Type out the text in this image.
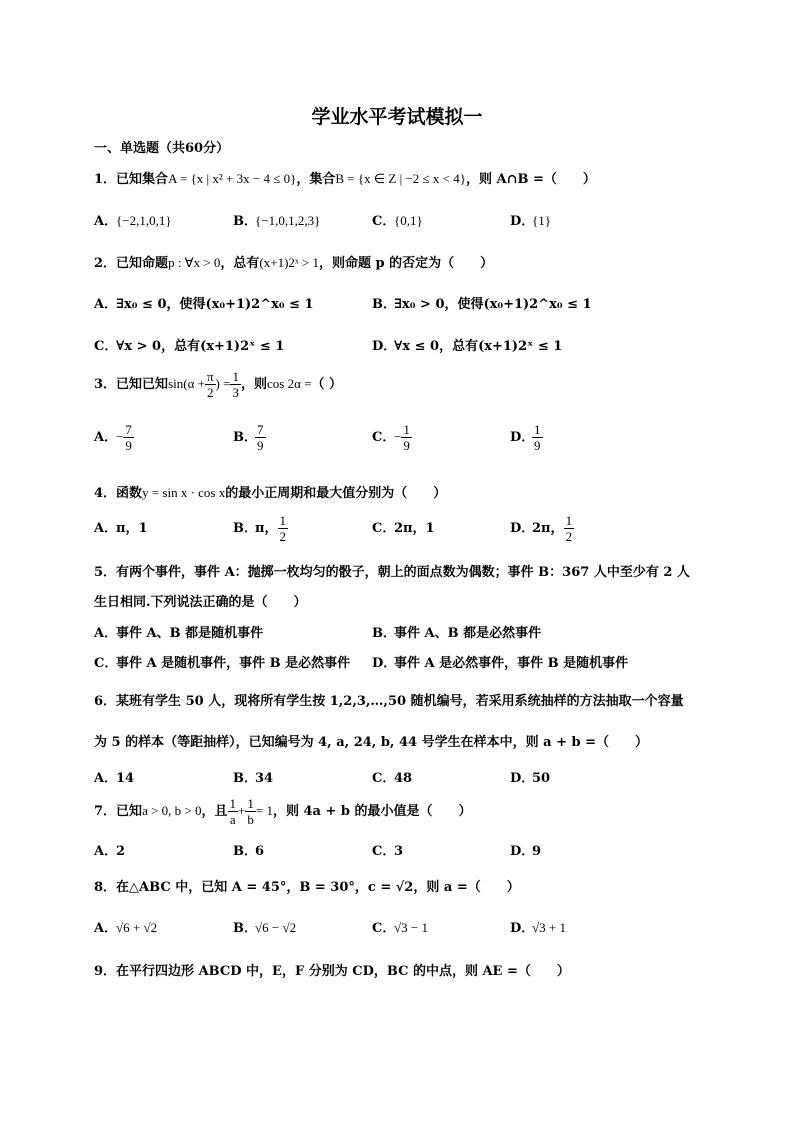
学业水平考试模拟一
一、单选题（共60分）
1．已知集合A = {x | x² + 3x − 4 ≤ 0}，集合B = {x ∈ Z | −2 ≤ x < 4}，则 A∩B =（　　）
A．{−2,1,0,1}	B．{−1,0,1,2,3}	C．{0,1}	D．{1}
2．已知命题p : ∀x > 0，总有(x+1)2ˣ > 1，则命题 p 的否定为（　　）
A．∃x₀ ≤ 0，使得(x₀+1)2^x₀ ≤ 1	B．∃x₀ > 0，使得(x₀+1)2^x₀ ≤ 1
C．∀x > 0，总有(x+1)2ˣ ≤ 1	D．∀x ≤ 0，总有(x+1)2ˣ ≤ 1
3．已知已知$\sin(\alpha + \frac{\pi}{2}$ ) = $\frac{1}{3}$ ，则cos 2α =（ ）
A．− $\frac{7}{9}$	B．
$\frac{7}{9}$	C．− $\frac{1}{9}$	D．
$\frac{1}{9}$
4．函数y = sin x · cos x的最小正周期和最大值分别为（　　）
A．π，1	B．π， $\frac{1}{2}$	C．2π，1	D．2π， $\frac{1}{2}$
5．有两个事件，事件 A：抛掷一枚均匀的骰子，朝上的面点数为偶数；事件 B：367 人中至少有 2 人
生日相同.下列说法正确的是（　　）
A．事件 A、B 都是随机事件	B．事件 A、B 都是必然事件
C．事件 A 是随机事件，事件 B 是必然事件 D．事件 A 是必然事件，事件 B 是随机事件
6．某班有学生 50 人，现将所有学生按 1,2,3,…,50 随机编号，若采用系统抽样的方法抽取一个容量
为 5 的样本（等距抽样），已知编号为 4, a, 24, b, 44 号学生在样本中，则 a + b =（　　）
A．14	B．34	C．48	D．50
7．已知a > 0, b > 0，且 $\frac{1}{a} + \frac{1}{b} = 1$，则 4a + b 的最小值是（　　）
A．2	B．6	C．3	D．9
8．在△ABC 中，已知 A = 45°，B = 30°，c = √2，则 a =（　　）
A．√6 + √2	B．√6 − √2	C．√3 − 1	D．√3 + 1
9．在平行四边形 ABCD 中，E，F 分别为 CD，BC 的中点，则 AE =（　　）
